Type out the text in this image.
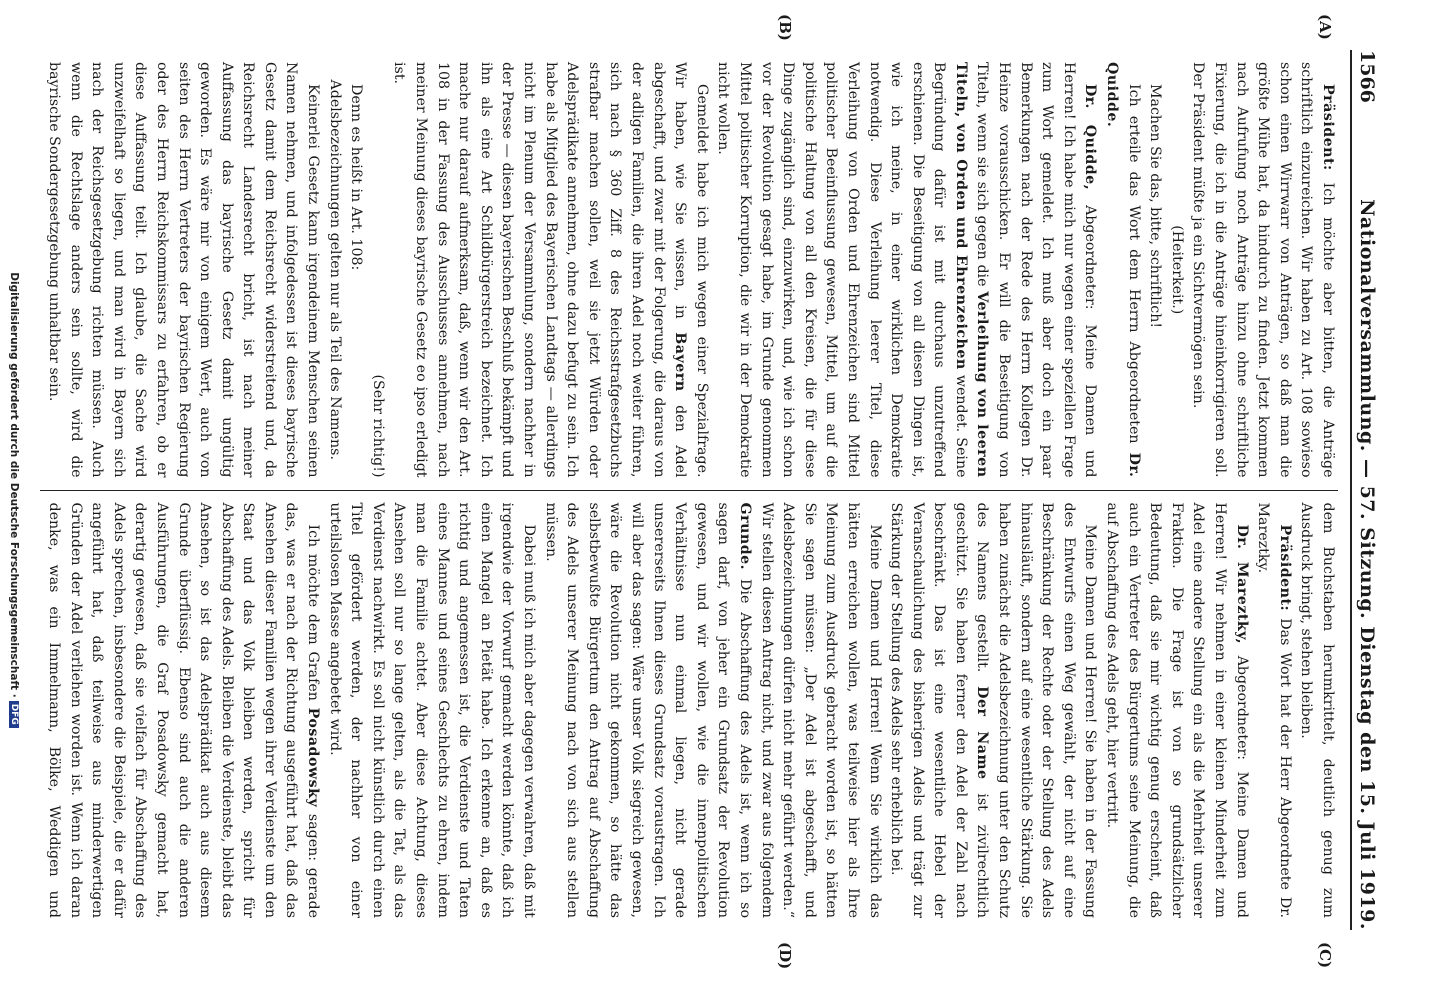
1566
Nationalversammlung. — 57. Sitzung. Dienstag den 15. Juli 1919.
(A)
(B)
(C)
(D)

Präsident: Ich möchte aber bitten, die Anträge schriftlich einzureichen. Wir haben zu Art. 108 sowieso schon einen Wirrwarr von Anträgen, so daß man die größte Mühe hat, da hindurch zu finden. Jetzt kommen nach Aufrufung noch Anträge hinzu ohne schriftliche Fixierung, die ich in die Anträge hineinkorrigieren soll. Der Präsident müßte ja ein Sichtvermögen sein.

(Heiterkeit.)

Machen Sie das, bitte, schriftlich!

Ich erteile das Wort dem Herrn Abgeordneten Dr. Quidde.

Dr. Quidde, Abgeordneter: Meine Damen und Herren! Ich habe mich nur wegen einer speziellen Frage zum Wort gemeldet. Ich muß aber doch ein paar Bemerkungen nach der Rede des Herrn Kollegen Dr. Heinze vorausschicken. Er will die Beseitigung von Titeln, wenn sie sich gegen die Verleihung von leeren Titeln, von Orden und Ehrenzeichen wendet. Seine Begründung dafür ist mit durchaus unzutreffend erschienen. Die Beseitigung von all diesen Dingen ist, wie ich meine, in einer wirklichen Demokratie notwendig. Diese Verleihung leerer Titel, diese Verleihung von Orden und Ehrenzeichen sind Mittel politischer Beeinflussung gewesen, Mittel, um auf die politische Haltung von all den Kreisen, die für diese Dinge zugänglich sind, einzuwirken, und, wie ich schon vor der Revolution gesagt habe, im Grunde genommen Mittel politischer Korruption, die wir in der Demokratie nicht wollen.

Gemeldet habe ich mich wegen einer Spezialfrage. Wir haben, wie Sie wissen, in Bayern den Adel abgeschafft, und zwar mit der Folgerung, die daraus von der adligen Familien, die ihren Adel noch weiter führen, sich nach § 360 Ziff. 8 des Reichsstrafgesetzbuchs strafbar machen sollen, weil sie jetzt Würden oder Adelsprädikate annehmen, ohne dazu befugt zu sein. Ich habe als Mitglied des Bayerischen Landtags — allerdings nicht im Plenum der Versammlung, sondern nachher in der Presse — diesen bayerischen Beschluß bekämpft und ihn als eine Art Schildbürgerstreich bezeichnet. Ich mache nur darauf aufmerksam, daß, wenn wir den Art. 108 in der Fassung des Ausschusses annehmen, nach meiner Meinung dieses bayrische Gesetz eo ipso erledigt ist.

(Sehr richtig!)

Denn es heißt in Art. 108:

Adelsbezeichnungen gelten nur als Teil des Namens.

Keinerlei Gesetz kann irgendeinem Menschen seinen Namen nehmen, und infolgedessen ist dieses bayrische Gesetz damit dem Reichsrecht widerstreitend und, da Reichsrecht Landesrecht bricht, ist nach meiner Auffassung das bayrische Gesetz damit ungültig geworden. Es wäre mir von einigem Wert, auch von seiten des Herrn Vertreters der bayrischen Regierung oder des Herrn Reichskommissars zu erfahren, ob er diese Auffassung teilt. Ich glaube, die Sache wird unzweifelhaft so liegen, und man wird in Bayern sich nach der Reichsgesetzgebung richten müssen. Auch wenn die Rechtslage anders sein sollte, wird die bayrische Sondergesetzgebung unhaltbar sein.

dem Buchstaben herumkrittelt, deutlich genug zum Ausdruck bringt, stehen bleiben.

Präsident: Das Wort hat der Herr Abgeordnete Dr. Mareztky.

Dr. Mareztky, Abgeordneter: Meine Damen und Herren! Wir nehmen in einer kleinen Minderheit zum Adel eine andere Stellung ein als die Mehrheit unserer Fraktion. Die Frage ist von so grundsätzlicher Bedeutung, daß sie mir wichtig genug erscheint, daß auch ein Vertreter des Bürgertums seine Meinung, die auf Abschaffung des Adels geht, hier vertritt.

Meine Damen und Herren! Sie haben in der Fassung des Entwurfs einen Weg gewählt, der nicht auf eine Beschränkung der Rechte oder der Stellung des Adels hinausläuft, sondern auf eine wesentliche Stärkung. Sie haben zunächst die Adelsbezeichnung unter den Schutz des Namens gestellt. Der Name ist zivilrechtlich geschützt. Sie haben ferner den Adel der Zahl nach beschränkt. Das ist eine wesentliche Hebel der Veranschaulichung des bisherigen Adels und trägt zur Stärkung der Stellung des Adels sehr erheblich bei.

Meine Damen und Herren! Wenn Sie wirklich das hätten erreichen wollen, was teilweise hier als Ihre Meinung zum Ausdruck gebracht worden ist, so hätten Sie sagen müssen: „Der Adel ist abgeschafft, und Adelsbezeichnungen dürfen nicht mehr geführt werden.“ Wir stellen diesen Antrag nicht, und zwar aus folgendem Grunde. Die Abschaffung des Adels ist, wenn ich so sagen darf, von jeher ein Grundsatz der Revolution gewesen, und wir wollen, wie die innenpolitischen Verhältnisse nun einmal liegen, nicht gerade unsererseits Ihnen dieses Grundsatz voraustragen. Ich will aber das sagen: Wäre unser Volk siegreich gewesen, wäre die Revolution nicht gekommen, so hätte das selbstbewußte Bürgertum den Antrag auf Abschaffung des Adels unserer Meinung nach von sich aus stellen müssen.

Dabei muß ich mich aber dagegen verwahren, daß mit irgendwie der Vorwurf gemacht werden könnte, daß ich einen Mangel an Pietät habe. Ich erkenne an, daß es richtig und angemessen ist, die Verdienste und Taten eines Mannes und seines Geschlechts zu ehren, indem man die Familie achtet. Aber diese Achtung, dieses Ansehen soll nur so lange gelten, als die Tat, als das Verdienst nachwirkt. Es soll nicht künstlich durch einen Titel gefördert werden, der nachher von einer urteilslosen Masse angebetet wird.

Ich möchte dem Grafen Posadowsky sagen: gerade das, was er nach der Richtung ausgeführt hat, daß das Ansehen dieser Familien wegen ihrer Verdienste um den Staat und das Volk bleiben werden, spricht für Abschaffung des Adels. Bleiben die Verdienste, bleibt das Ansehen, so ist das Adelsprädikat auch aus diesem Grunde überflüssig. Ebenso sind auch die anderen Ausführungen, die Graf Posadowsky gemacht hat, derartig gewesen, daß sie vielfach für Abschaffung des Adels sprechen, insbesondere die Beispiele, die er dafür angeführt hat, daß teilweise aus minderwertigen Gründen der Adel verliehen worden ist. Wenn ich daran denke, was ein Immelmann, Bölke, Weddigen und

Digitalisierung gefördert durch die Deutsche Forschungsgemeinschaft ·DFG
